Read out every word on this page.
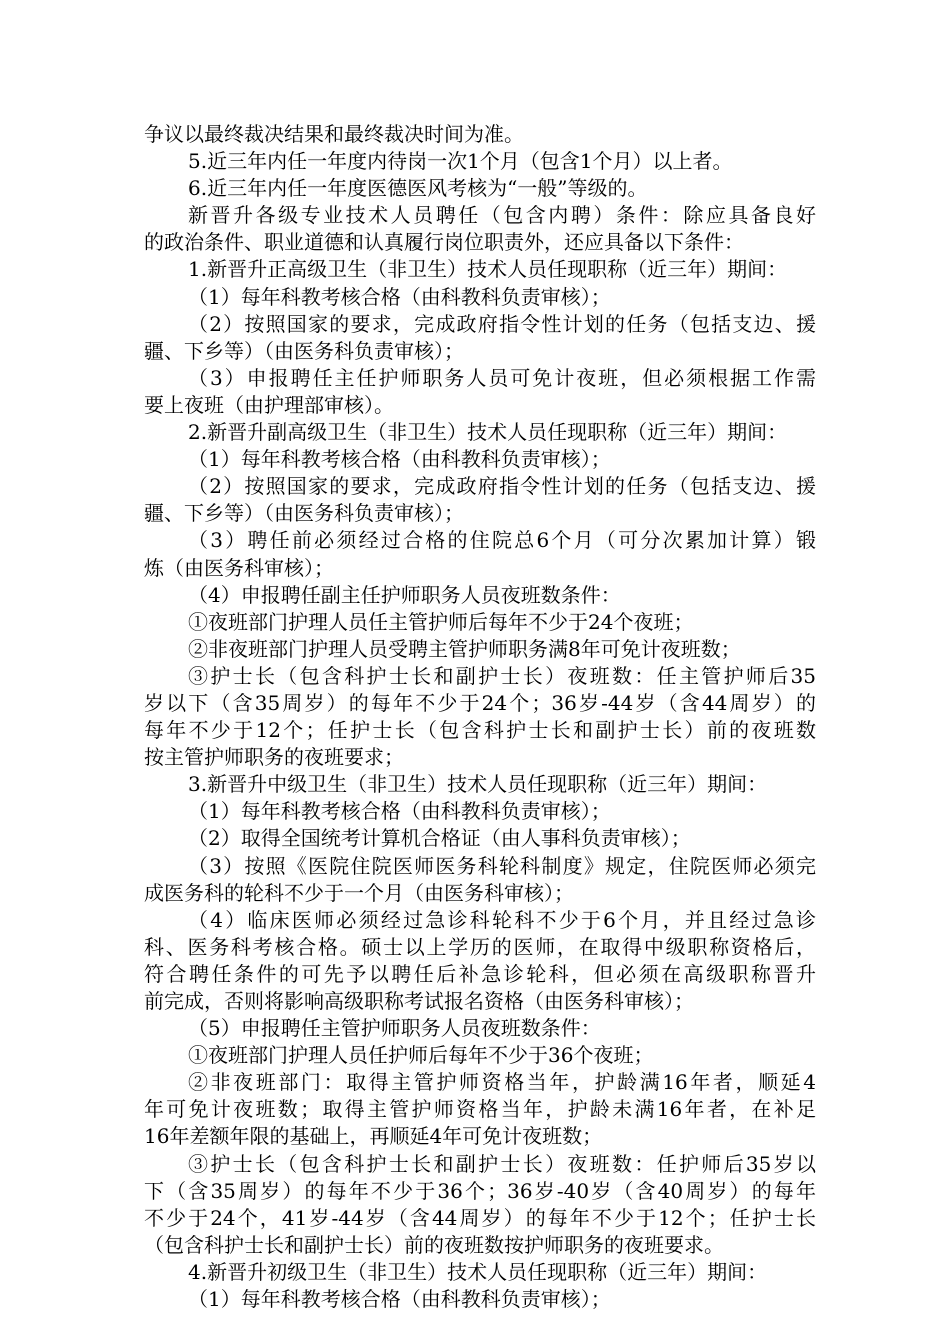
争议以最终裁决结果和最终裁决时间为准。
5.近三年内任一年度内待岗一次1个月（包含1个月）以上者。
6.近三年内任一年度医德医风考核为“一般”等级的。
新晋升各级专业技术人员聘任（包含内聘）条件：除应具备良好
的政治条件、职业道德和认真履行岗位职责外，还应具备以下条件：
1.新晋升正高级卫生（非卫生）技术人员任现职称（近三年）期间：
（1）每年科教考核合格（由科教科负责审核）；
（2）按照国家的要求，完成政府指令性计划的任务（包括支边、援
疆、下乡等）（由医务科负责审核）；
（3）申报聘任主任护师职务人员可免计夜班，但必须根据工作需
要上夜班（由护理部审核）。
2.新晋升副高级卫生（非卫生）技术人员任现职称（近三年）期间：
（1）每年科教考核合格（由科教科负责审核）；
（2）按照国家的要求，完成政府指令性计划的任务（包括支边、援
疆、下乡等）（由医务科负责审核）；
（3）聘任前必须经过合格的住院总6个月（可分次累加计算）锻
炼（由医务科审核）；
（4）申报聘任副主任护师职务人员夜班数条件：
①夜班部门护理人员任主管护师后每年不少于24个夜班；
②非夜班部门护理人员受聘主管护师职务满8年可免计夜班数；
③护士长（包含科护士长和副护士长）夜班数：任主管护师后35
岁以下（含35周岁）的每年不少于24个；36岁-44岁（含44周岁）的
每年不少于12个；任护士长（包含科护士长和副护士长）前的夜班数
按主管护师职务的夜班要求；
3.新晋升中级卫生（非卫生）技术人员任现职称（近三年）期间：
（1）每年科教考核合格（由科教科负责审核）；
（2）取得全国统考计算机合格证（由人事科负责审核）；
（3）按照《医院住院医师医务科轮科制度》规定，住院医师必须完
成医务科的轮科不少于一个月（由医务科审核）；
（4）临床医师必须经过急诊科轮科不少于6个月，并且经过急诊
科、医务科考核合格。硕士以上学历的医师，在取得中级职称资格后，
符合聘任条件的可先予以聘任后补急诊轮科，但必须在高级职称晋升
前完成，否则将影响高级职称考试报名资格（由医务科审核）；
（5）申报聘任主管护师职务人员夜班数条件：
①夜班部门护理人员任护师后每年不少于36个夜班；
②非夜班部门：取得主管护师资格当年，护龄满16年者，顺延4
年可免计夜班数；取得主管护师资格当年，护龄未满16年者，在补足
16年差额年限的基础上，再顺延4年可免计夜班数；
③护士长（包含科护士长和副护士长）夜班数：任护师后35岁以
下（含35周岁）的每年不少于36个；36岁-40岁（含40周岁）的每年
不少于24个，41岁-44岁（含44周岁）的每年不少于12个；任护士长
（包含科护士长和副护士长）前的夜班数按护师职务的夜班要求。
4.新晋升初级卫生（非卫生）技术人员任现职称（近三年）期间：
（1）每年科教考核合格（由科教科负责审核）；
